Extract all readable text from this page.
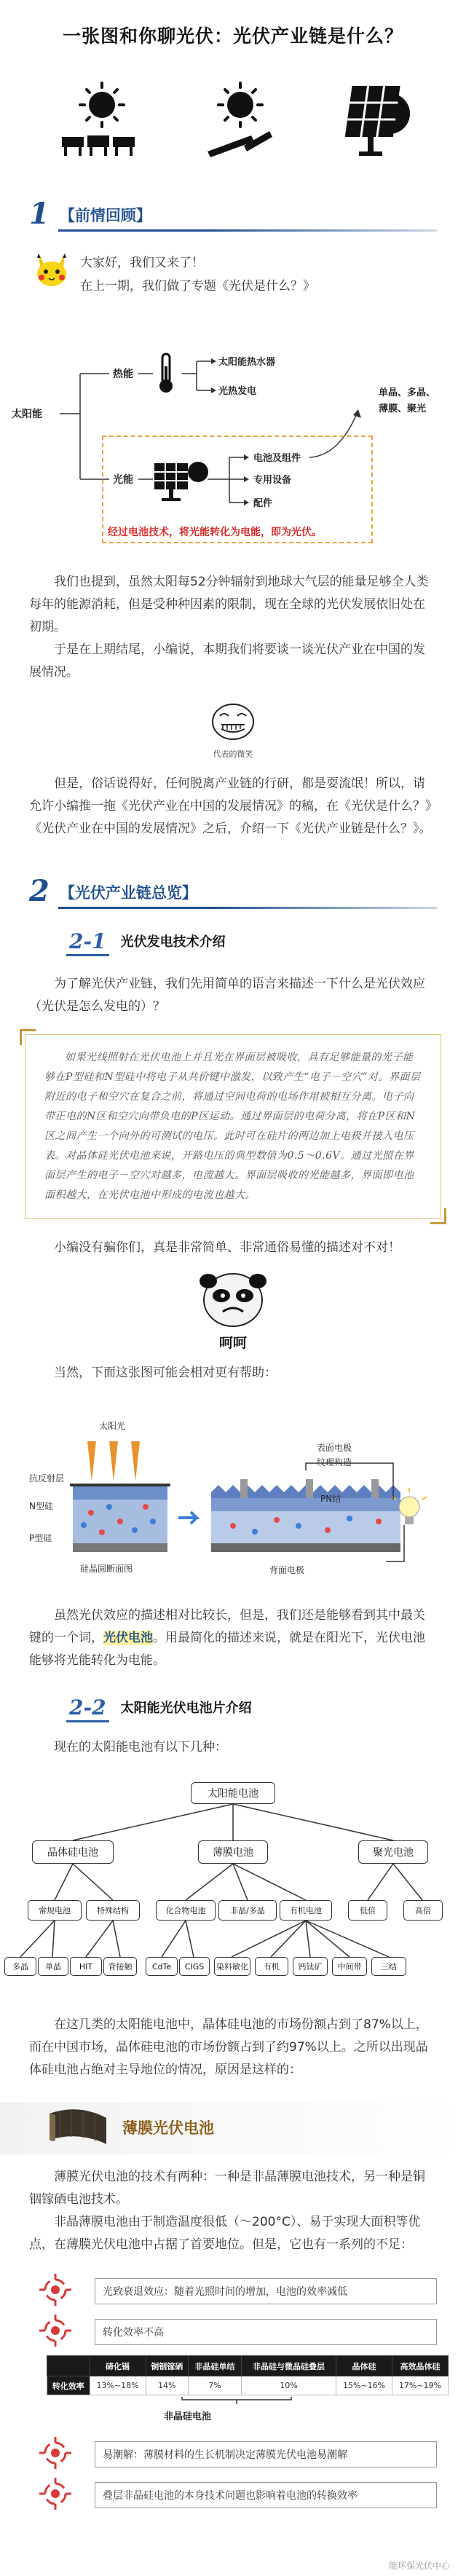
一张图和你聊光伏：光伏产业链是什么？
1 【前情回顾】
大家好，我们又来了！
在上一期，我们做了专题《光伏是什么？》
太阳能
热能
光能
太阳能热水器
光热发电
电池及组件
专用设备
配件
单晶、多晶、
薄膜、聚光
经过电池技术，将光能转化为电能，即为光伏。

我们也提到，虽然太阳每52分钟辐射到地球大气层的能量足够全人类每年的能源消耗，但是受种种因素的限制，现在全球的光伏发展依旧处在初期。

于是在上期结尾，小编说，本期我们将要谈一谈光伏产业在中国的发展情况。

代表的微笑

但是，俗话说得好，任何脱离产业链的行研，都是耍流氓！所以，请允许小编推一拖《光伏产业在中国的发展情况》的稿，在《光伏是什么？》《光伏产业在中国的发展情况》之后，介绍一下《光伏产业链是什么？》。

2 【光伏产业链总览】
2-1 光伏发电技术介绍

为了解光伏产业链，我们先用简单的语言来描述一下什么是光伏效应（光伏是怎么发电的）？

如果光线照射在光伏电池上并且光在界面层被吸收，具有足够能量的光子能够在P型硅和N型硅中将电子从共价键中激发，以致产生“电子－空穴”对。界面层附近的电子和空穴在复合之前，将通过空间电荷的电场作用被相互分离。电子向带正电的N区和空穴向带负电的P区运动。通过界面层的电荷分离，将在P区和N区之间产生一个向外的可测试的电压。此时可在硅片的两边加上电极并接入电压表。对晶体硅光伏电池来说，开路电压的典型数值为0.5～0.6V。通过光照在界面层产生的电子－空穴对越多，电流越大。界面层吸收的光能越多，界面即电池面积越大，在光伏电池中形成的电流也越大。

小编没有骗你们，真是非常简单、非常通俗易懂的描述对不对！

呵呵

当然，下面这张图可能会相对更有帮助：

太阳光
抗反射层
N型硅
P型硅
硅晶圆断面图
表面电极
纹理构造
PN结
背面电极

虽然光伏效应的描述相对比较长，但是，我们还是能够看到其中最关键的一个词，光伏电池。用最简化的描述来说，就是在阳光下，光伏电池能够将光能转化为电能。

2-2 太阳能光伏电池片介绍

现在的太阳能电池有以下几种：

太阳能电池
晶体硅电池	薄膜电池	聚光电池
常规电池	特殊结构	化合物电池	非晶/多晶	有机电池	低倍	高倍
多晶	单晶	HIT	背接触	CdTe	CIGS	染料敏化	有机	钙钛矿	中间带	三结

在这几类的太阳能电池中，晶体硅电池的市场份额占到了87%以上，而在中国市场，晶体硅电池的市场份额占到了约97%以上。之所以出现晶体硅电池占绝对主导地位的情况，原因是这样的：

薄膜光伏电池

薄膜光伏电池的技术有两种：一种是非晶薄膜电池技术，另一种是铜铟镓硒电池技术。

非晶薄膜电池由于制造温度很低（～200°C）、易于实现大面积等优点，在薄膜光伏电池中占据了首要地位。但是，它也有一系列的不足：

光致衰退效应：随着光照时间的增加，电池的效率减低
转化效率不高
	碲化镉	铜铟镓硒	非晶硅单结	非晶硅与微晶硅叠层	晶体硅	高效晶体硅
转化效率	13%~18%	14%	7%	10%	15%~16%	17%~19%
非晶硅电池
易潮解：薄膜材料的生长机制决定薄膜光伏电池易潮解
叠层非晶硅电池的本身技术问题也影响着电池的转换效率
能环保光伏中心
